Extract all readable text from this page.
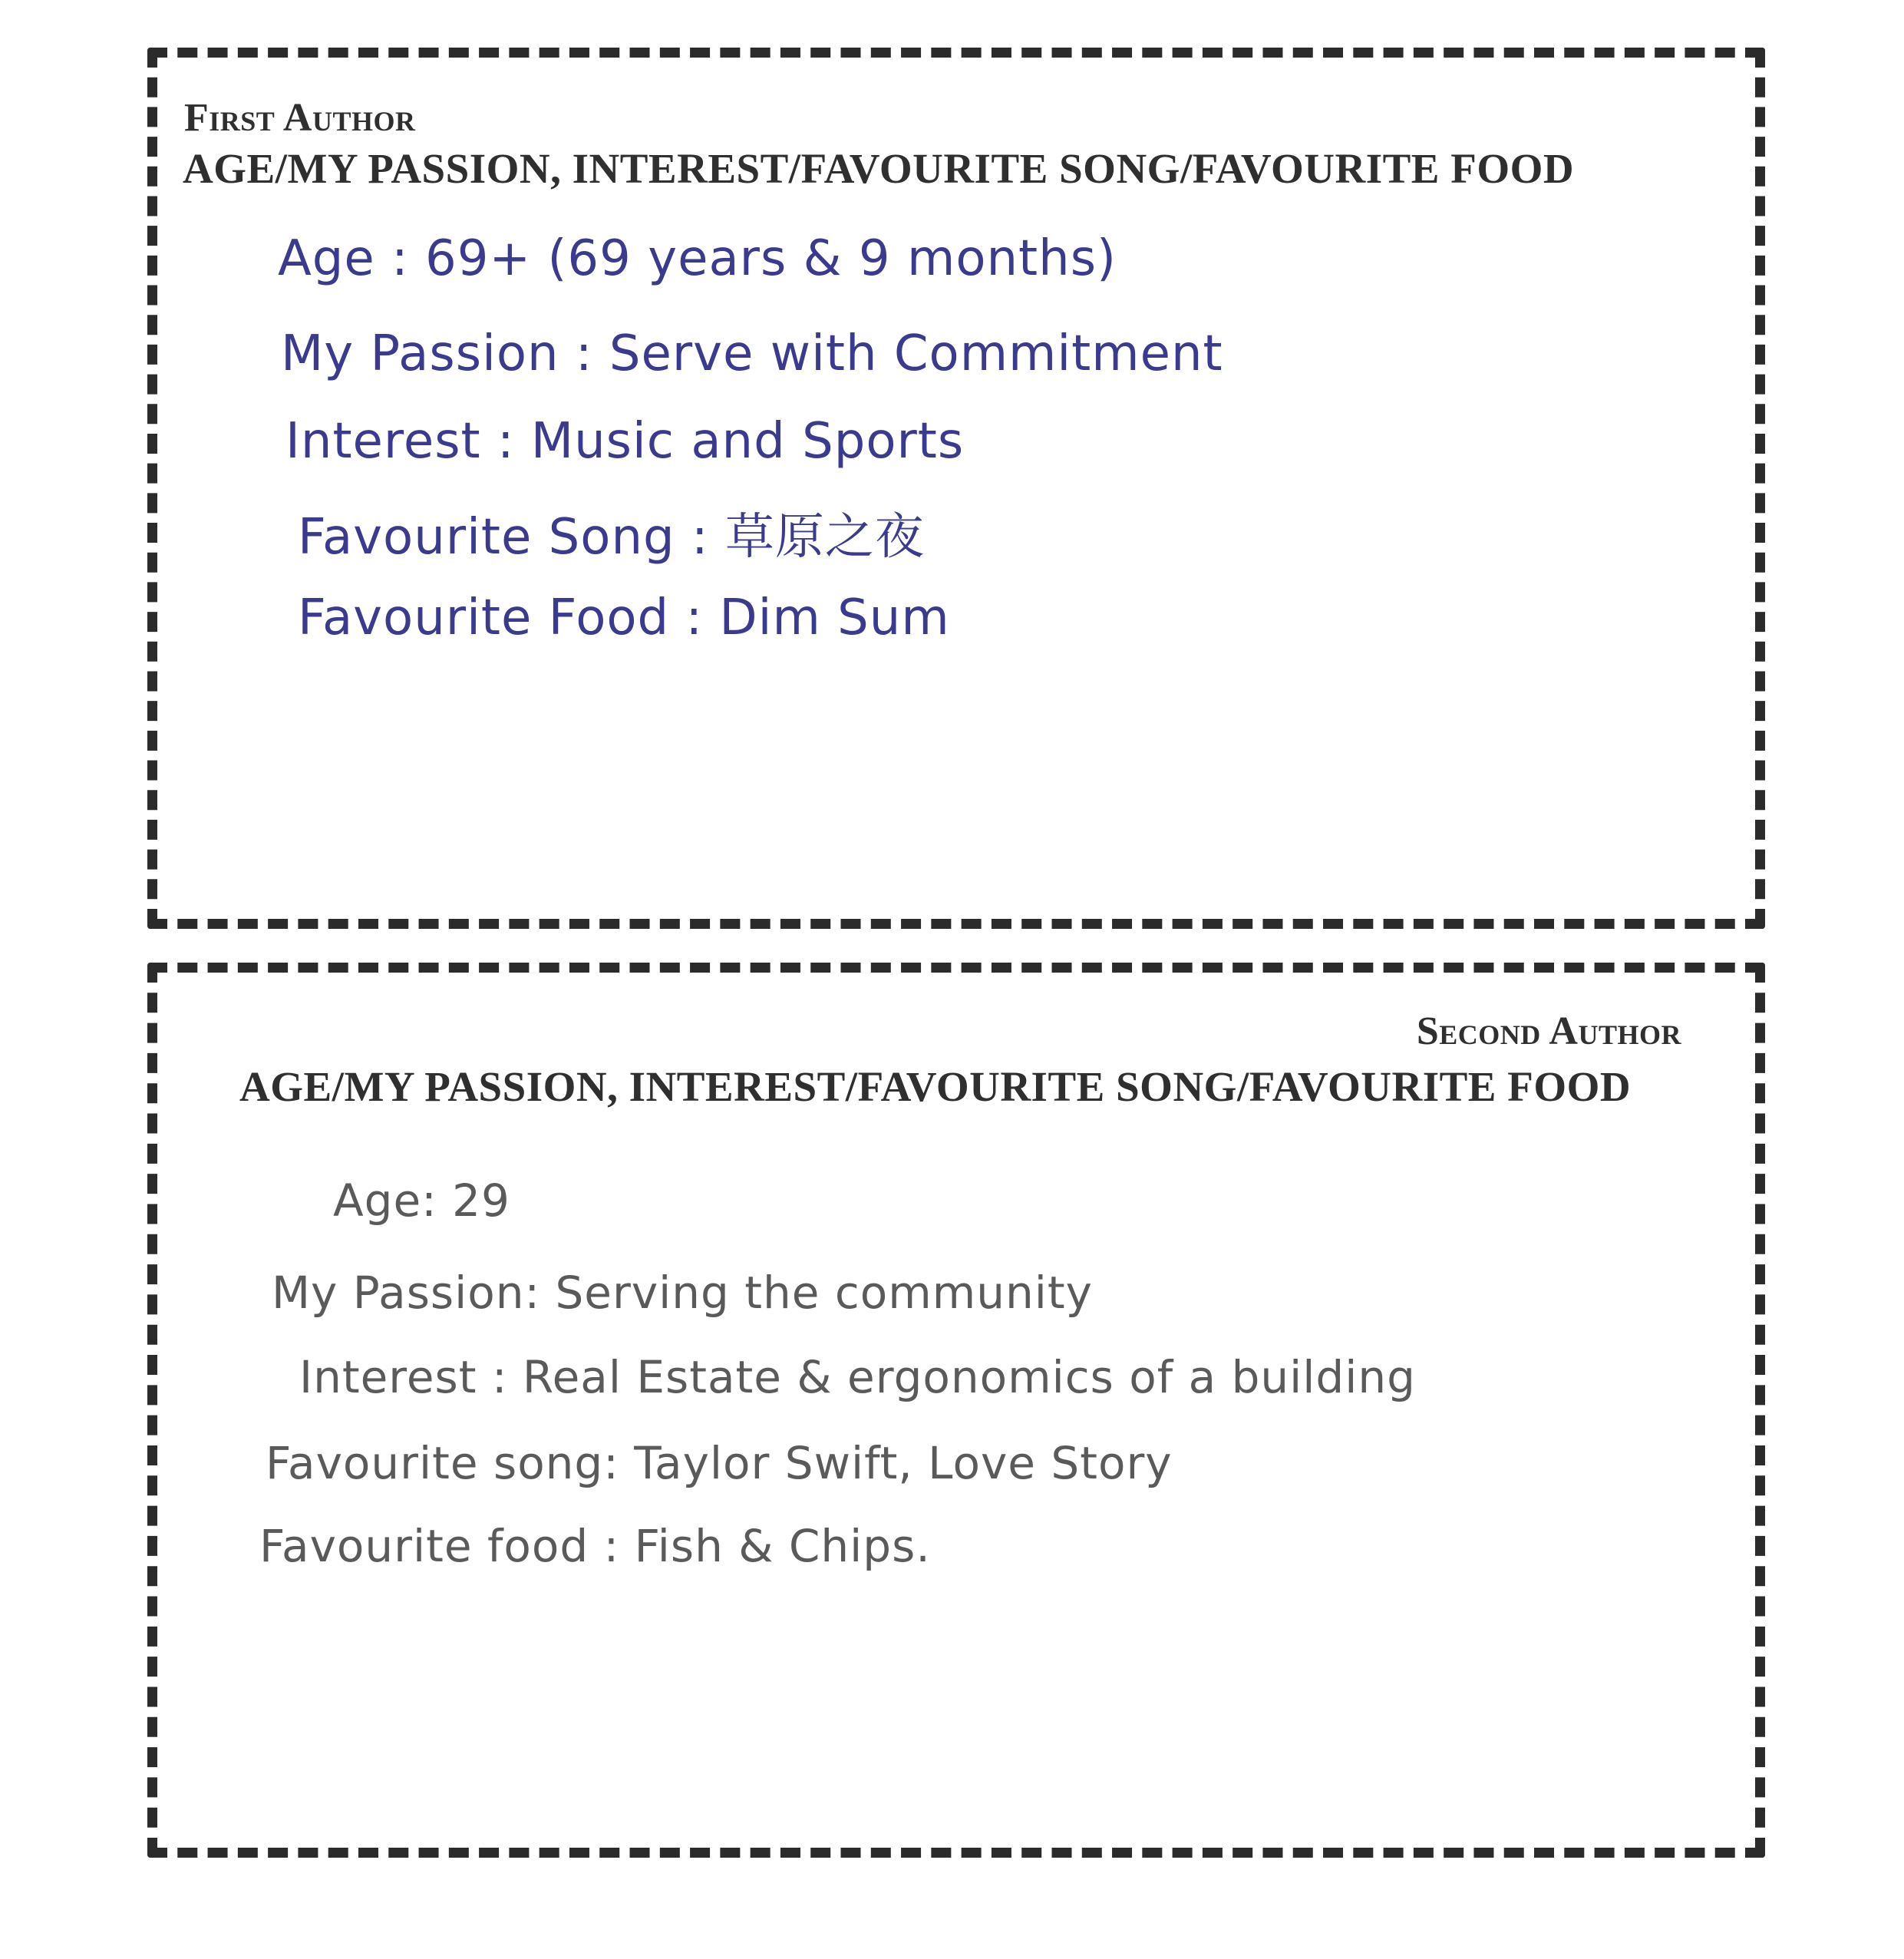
First Author
AGE/MY PASSION, INTEREST/FAVOURITE SONG/FAVOURITE FOOD
Age : 69+ (69 years & 9 months)
My Passion : Serve with Commitment
Interest : Music and Sports
Favourite Song : 草原之夜
Favourite Food : Dim Sum
Second Author
AGE/MY PASSION, INTEREST/FAVOURITE SONG/FAVOURITE FOOD
Age: 29
My Passion: Serving the community
Interest : Real Estate & ergonomics of a building
Favourite song: Taylor Swift, Love Story
Favourite food : Fish & Chips.
